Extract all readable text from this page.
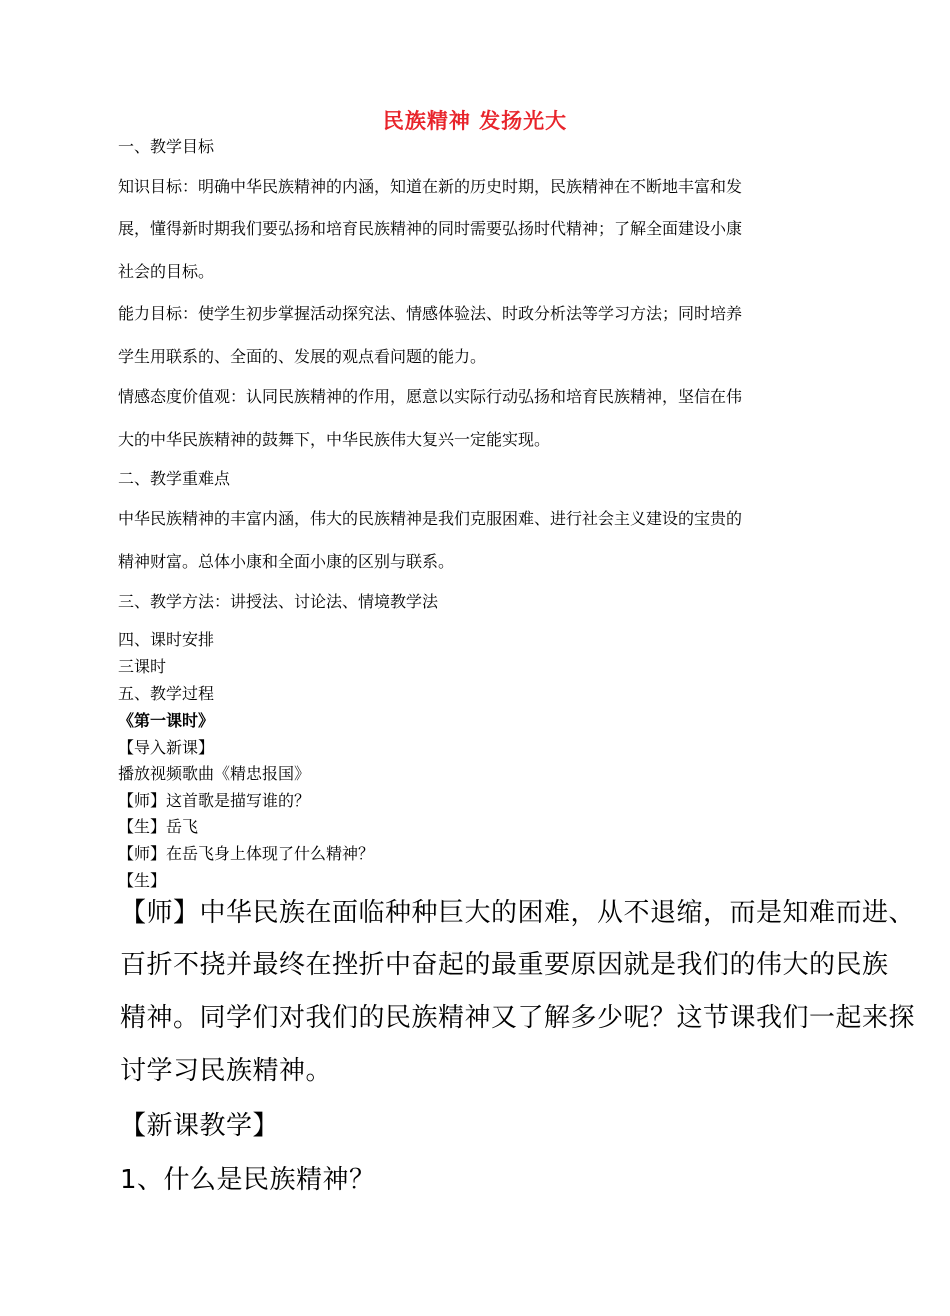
民族精神 发扬光大
一、教学目标
知识目标：明确中华民族精神的内涵，知道在新的历史时期，民族精神在不断地丰富和发
展，懂得新时期我们要弘扬和培育民族精神的同时需要弘扬时代精神；了解全面建设小康
社会的目标。
能力目标：使学生初步掌握活动探究法、情感体验法、时政分析法等学习方法；同时培养
学生用联系的、全面的、发展的观点看问题的能力。
情感态度价值观：认同民族精神的作用，愿意以实际行动弘扬和培育民族精神，坚信在伟
大的中华民族精神的鼓舞下，中华民族伟大复兴一定能实现。
二、教学重难点
中华民族精神的丰富内涵，伟大的民族精神是我们克服困难、进行社会主义建设的宝贵的
精神财富。总体小康和全面小康的区别与联系。
三、教学方法：讲授法、讨论法、情境教学法
四、课时安排
三课时
五、教学过程
《第一课时》
【导入新课】
播放视频歌曲《精忠报国》
【师】这首歌是描写谁的？
【生】岳飞
【师】在岳飞身上体现了什么精神？
【生】
【师】中华民族在面临种种巨大的困难，从不退缩，而是知难而进、
百折不挠并最终在挫折中奋起的最重要原因就是我们的伟大的民族
精神。同学们对我们的民族精神又了解多少呢？这节课我们一起来探
讨学习民族精神。
【新课教学】
1、什么是民族精神？
